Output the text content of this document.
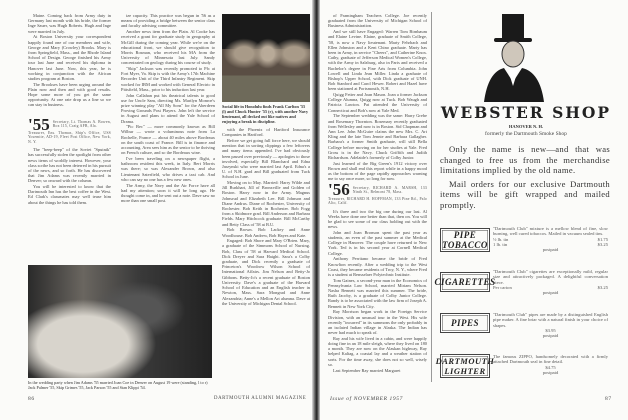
Maine. Coming back from Army duty in Germany last month with his bride, the former Inge Sauer, was Hugh Roberts. Hugh and Inge were married in July.

At Boston University your correspondent happily found one of our members and wife, George and Mary (Crowley) Brooks. Mary is from Springfield, Mass., and the Rhode Island School of Design. George finished his Army tour last June and received his diploma in Hanover last June. Now, this year, he is working in conjunction with the African studies program at Boston.

The Brookses have been urging around the Plain now and then and with good results. Hope some more of you get the same opportunity. At one rate drop us a line so we can stay in business.

'55 Secretary, Lt. Thomas A. Bowen, Box 115, Craig AFB, Ala.

Treasurer, Ens. Thomas, Ship's Office, USS Yosemite, AD-19, Fleet Post Office, New York, N. Y.

The "beep-beep" of the Soviet "Sputnik" has successfully stolen the spotlight from other news items of worldly interest. However, your class scribe has not been deterred in his pursuit of the news, and so forth. He has discovered that Jim Adams was recently married in Denver; so onward with the column.

You will be interested to know that the Dartmouth Inn has the best coffee in the West. Ed Clark's classmates may well tease him about the things he has told them.

ize capacity. This practice was begun in '56 as a means of providing a bridge between the senior class and faculty advising committee.

Another news item from the Plain. Al Cooke has received a grant for graduate study in geography at McGill during the coming year. While we're on the educational front, we should give recognition to Morris Rosman, who received his MA from the University of Minnesota last July. Sandy concentrated on geology during his course of study.

"Skip" Jackson was recently promoted to Pfc at Fort Myer, Va. Skip is with the Army's 17th Machine Recorder Unit of the Third Infantry Regiment. Skip worked for IBM and worked with General Electric in Pittsfield, Mass., prior to his induction last year.

John Callahan put his theatrical talents to good use for Uncle Sam, directing Ms. Marilyn Monroe's prize winning play "All My Sons" for the Aberdeen Proving Grounds Post Players. John left the service in August and plans to attend the Yale School of Drama.

"Pic Bec" — more commonly known as Bill Wilbur — wrote a voluminous note from La Rochelle, France — about 40 miles above Bordeaux on the south coast of France. Bill is in finance and accounting. Area sees him as the senior to be thriving on French culture, and so the Bordeaux wine.

I've been traveling on a newspaper flight, a bathroom resident this week, in Italy. Bert Morris was there; so was Alexander Brown, and also Lieutenant Saterfield, who drives a taxi cab. And who can say no one has a few new ones.

The Army, the Navy and the Air Force have all had my attention; soon it will be long ago. He thought come in, and he sent out a note. Dave saw no more than one small post.

Social life in Honolulu finds Frank Carlton '55 (l) and Chuck Hunter '55 (r), with another Navy lieutenant, all decked out like natives and enjoying a break in discipline.

with the Phoenix of Hartford Insurance Companies in Hartford.

Before we get going full force here, we should mention that in sorting clippings a few leftovers and many items appended. I've had obviously been passed over previously — apologies to those involved, especially Bill Blanchard and Edna Jarzynski who were married last April. Edna's a U. of N.H. grad and Bill graduated from Tuck School in June.

Moving on to May. Married: Harry Wilde and Jill Burkhart, Jill of Bronxville and Golden of Boston. Harry now in the Army. Magnus Johnsrud and Elizabeth Lee. Bill Johnson and Diane Andrus. Diane of Rochester, University of Rochester. Bob Keith in Rochester. Bob Fogg from a Skidmore grad. Bill Anderson and Barbara Fields. Mary Hitchcock graduate. Bill McCarthy and Betty Class of '58 at B.U.

Bob Brown. Bob Lackey and Anne Woodhouse. Bob Andrew, Bob Hayes and Kate.

Engaged: Bob Shore and Mary O'Brien. Mary, a graduate of the Simmons School of Nursing. Bob, Class of '58 at Harvard Medical School. Dick Dreyer and Sara Haight. Sara's a Colby graduate, and Dick recently a graduate of Princeton's Woodrow Wilson School of International Affairs. Jim Nelson and Betty-Jo Gibbons. Betty-Jo's a recent graduate of Boston University. Dave's a graduate of the Harvard School of Education and an English teacher in Newton, Mass. Sara Mongrad and Anne Alexandria; Anne's a Mellon Art alumna. Dave at the University of Michigan Dental School.

In the wedding party when Jim Adams '55 married Joan Coe in Denver on August 19 were (standing, l to r) Jack Palmer '55, Skip Grimes '55, Jack Parson '55 and Stan Klippi '54.
86	DARTMOUTH ALUMNI MAGAZINE

of Framingham Teachers College. Joe recently graduated from the University of Michigan School of Business Administration.

And we still have Engaged: Warren Tom Birnbaum and Elaine Levine. Elaine, graduate of Smith College, '58, is now a Navy lieutenant. Marty Fehrbach and Ellen Johnston and a Kent Chino graduate. Marty has been in Army, in service "Cheers", and Catherine Knox. Cathy, graduate of Jefferson Medical Women's College, with the Army in Salzburg, also in Paris and received a Bachelor's degree in Fine Arts from Columbia. John Lowell and Linda Jean Miller. Linda a graduate of Bishop's Upper School, with Dick graduate of UNH. Bob Stanford and Carol Hewer. Robert and Hazel have been stationed at Portsmouth, N.H.

Quigg Fetter and Joan Mason. Joan a former Jackson College Alumna, Quigg now at Tuck. Bob Waugh and Patricia Lawton. Pat attended the University of Connecticut and Bob's now at Yale Med.

The September wedding was the same: Harry Grebe and Rosemary Thornton. Rosemary recently graduated from Wellesley and now is in Boston. Sid Chapman and Ann Lee. John McGuire claims the new Mrs. C. Art Kling and the late Tom Jennie and Barbara Gallagher. Barbara's a former Smith graduate, will still Bella College before moving on for her studies at Yale. Fred Gross is in the Navy. Chuck Griffith and Judith Richardson. Adelaide's formerly of Colby Junior.

Just learned of the Big Green's 1912 victory over Brown and shall end this report while in a happy mood as the bottom of the page rapidly approaches warning me to say once more, so long for now.

'56 Secretary, RICHARD A. MARSH, 133 Ninth St., Belmont 78, Mass.

Treasurer, RICHARD H. HOFFMAN, 133 Pine Rd., Palo Alto, Calif.

It's three and two the big one during our last. Al Weeks have done one better than that, then on. You will be glad to see some of our class holding out with the news.

John and Joan Bronson spent the past year as students, an even of the past summer at the Medical College in Hanover. The couple have returned to New York. Ted is in his second year at Cornell Medical College.

Anthony Perritano became the bride of Fred Knowlton recently. After a wedding trip to the West Coast, they became residents of Troy, N. Y., where Fred is a student at Rensselaer Polytechnic Institute.

Tom Gaines, a second-year man in the Economics of Pennsylvania Law School, married Miriam Nelson. Nasha Bennett was married this summer. The bride, Ruth Jacoby, is a graduate of Colby Junior College. Randy is to be associated with the law firm of Joseph A. Bennett in New York City.

Ray Morrison began work in the Foreign Service Division, with an unusual tour in the West. His wife recently "incurred" in its summons the only probably in an isolated Indian village in Alaska. The Indian has never had much to speak of.

Ray and his wife lived in a cabin, and were happily doing fine in an 18 mile sleigh, where they lived on 180 a month. They are now on the Alaskan highway, Ray helped Kaltag, a coastal lay and a weather station of sorts. For the time away, she does not so well, wisely so.

Last September Ray married Margaret

Issue of NOVEMBER 1957	87
WEBSTER SHOP
HANOVER N. H.
formerly the Dartmouth Smoke Shop

Only the name is new—and that was changed to free us from the merchandise limitations implied by the old name.

Mail orders for our exclusive Dartmouth items will be gift wrapped and mailed promptly.

PIPE TOBACCO

"Dartmouth Club" mixture is a mellow blend of fine, slow burning, well cured tobaccos. Mailed in vacuum sealed tins.

½ lb. tin	$1.75
1 lb. tin	$3.25
postpaid
CIGARETTES

"Dartmouth Club" cigarettes are exceptionally mild, regular size and attractively packaged. A delightful conversation piece.

Per carton	$3.25
postpaid
PIPES

"Dartmouth Club" pipes are made by a distinguished English pipe maker. A fine briar with a natural finish in your choice of shapes.

$3.95
postpaid
DARTMOUTH LIGHTER

The famous ZIPPO, handsomely decorated with a firmly attached Dartmouth seal in fine detail.

$4.75
postpaid
